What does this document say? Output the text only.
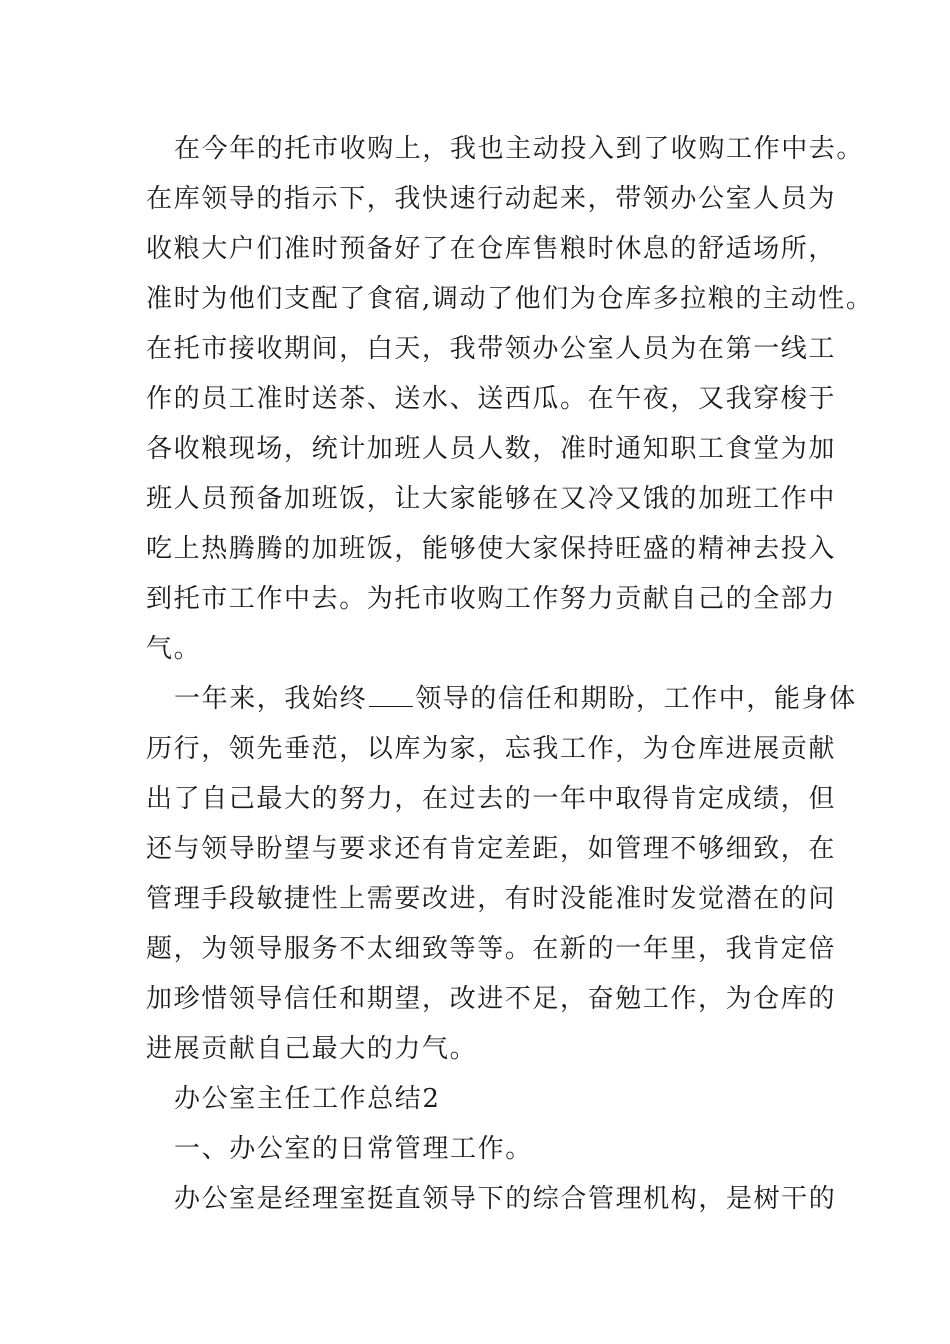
在今年的托市收购上，我也主动投入到了收购工作中去。
在库领导的指示下，我快速行动起来，带领办公室人员为
收粮大户们准时预备好了在仓库售粮时休息的舒适场所，
准时为他们支配了食宿,调动了他们为仓库多拉粮的主动性。
在托市接收期间，白天，我带领办公室人员为在第一线工
作的员工准时送茶、送水、送西瓜。在午夜，又我穿梭于
各收粮现场，统计加班人员人数，准时通知职工食堂为加
班人员预备加班饭，让大家能够在又冷又饿的加班工作中
吃上热腾腾的加班饭，能够使大家保持旺盛的精神去投入
到托市工作中去。为托市收购工作努力贡献自己的全部力
气。
一年来，我始终 领导的信任和期盼，工作中，能身体
历行，领先垂范，以库为家，忘我工作，为仓库进展贡献
出了自己最大的努力，在过去的一年中取得肯定成绩，但
还与领导盼望与要求还有肯定差距，如管理不够细致，在
管理手段敏捷性上需要改进，有时没能准时发觉潜在的问
题，为领导服务不太细致等等。在新的一年里，我肯定倍
加珍惜领导信任和期望，改进不足，奋勉工作，为仓库的
进展贡献自己最大的力气。
办公室主任工作总结2
一、办公室的日常管理工作。
办公室是经理室挺直领导下的综合管理机构，是树干的
